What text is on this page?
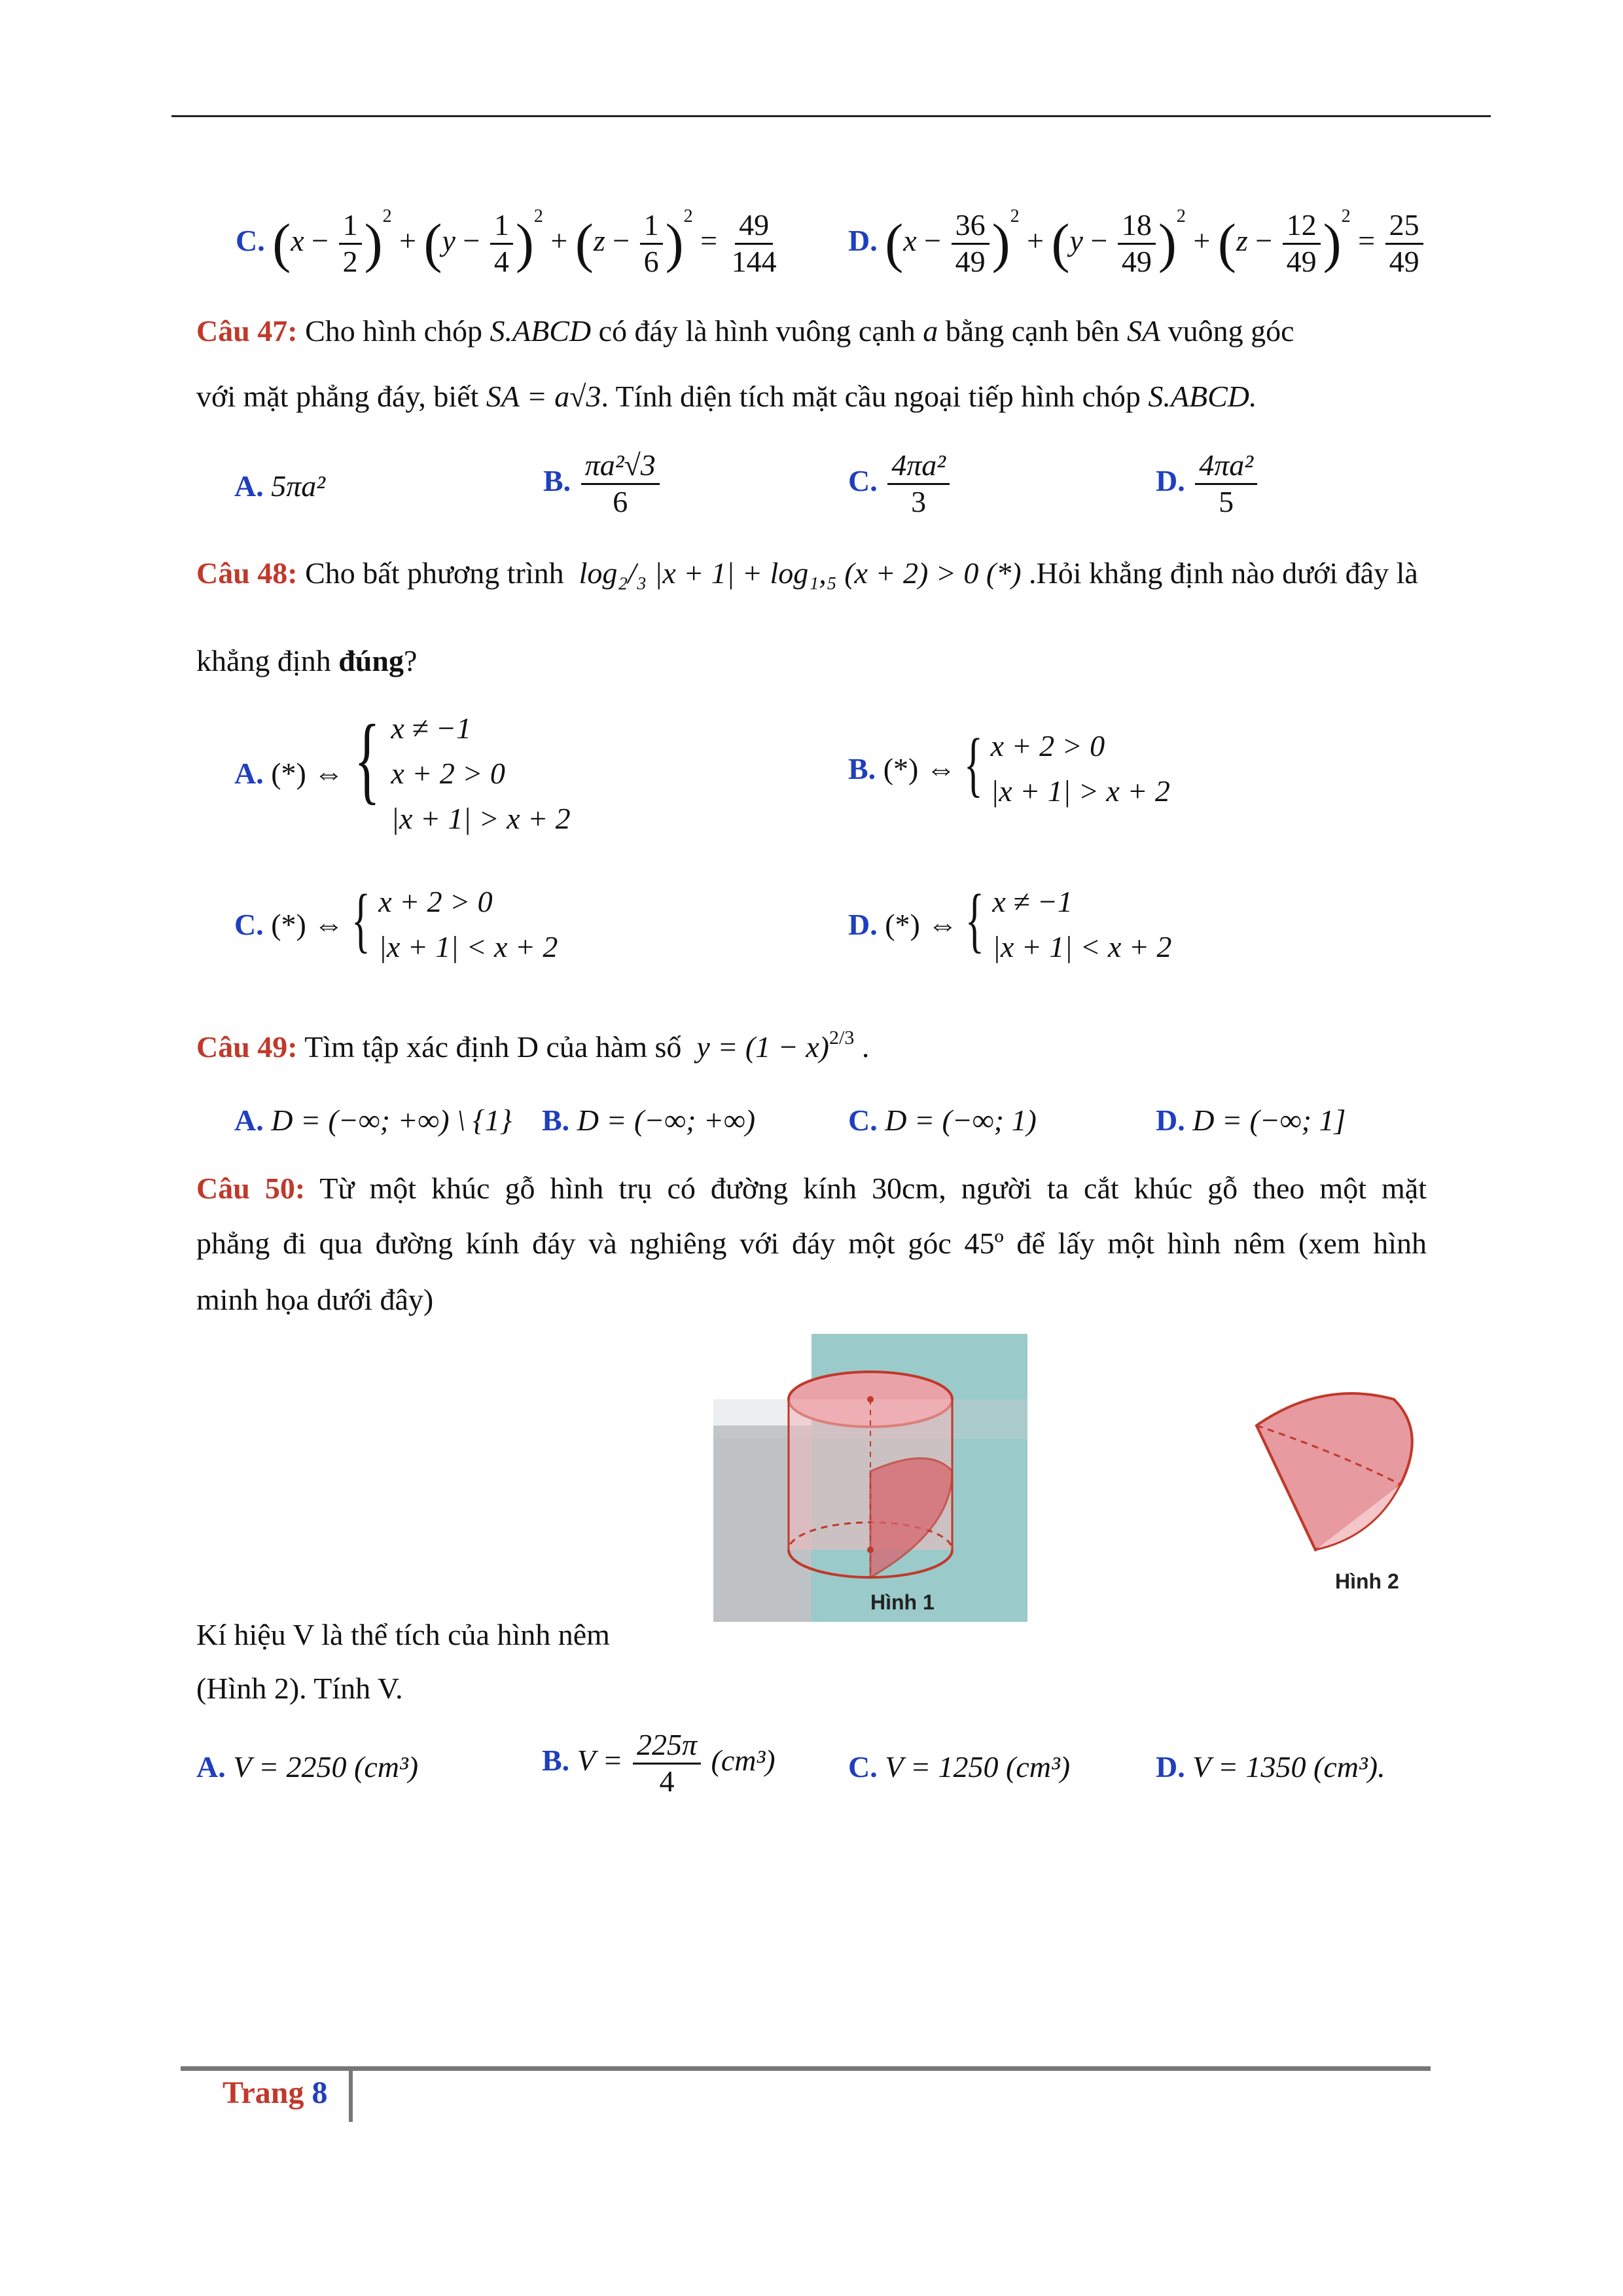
C. $(x - \frac{1}{2} )^2 + (y - \frac{1}{4} )^2 + (z - \frac{1}{6} )^2 = \frac{49}{144} D$. $(x - \frac{36}{49} )^2 + (y - \frac{18}{49} )^2 + (z - \frac{12}{49} )^2 = \frac{25}{49}$
Câu 47: Cho hình chóp S.ABCD có đáy là hình vuông cạnh a bằng cạnh bên SA vuông góc
với mặt phẳng đáy, biết SA = a√3. Tính diện tích mặt cầu ngoại tiếp hình chóp S.ABCD.
A. 5πa²	B. $\frac{\text{πa²√3}}{6}$	C. $\frac{\text{4πa²}}{3}$	D. $\frac{\text{4πa²}}{5}$
Câu 48: Cho bất phương trình log₂/₃ |x + 1| + log₁,₅ (x + 2) > 0 (*) .Hỏi khẳng định nào dưới đây là
khẳng định đúng?
A.
(*) ⇔ { x ≠ −1
x + 2 > 0
|x + 1| > x + 2
B.
(*) ⇔ { x + 2 > 0
|x + 1| > x + 2
C.
(*) ⇔ { x + 2 > 0
|x + 1| < x + 2
D.
(*) ⇔ { x ≠ −1
|x + 1| < x + 2
Câu 49: Tìm tập xác định D của hàm số $y = (1 - x)^{2/3}$ .
A. D = (−∞; +∞) \ {1} B. D = (−∞; +∞)	C. D = (−∞; 1)	D. D = (−∞; 1]
Câu 50: Từ một khúc gỗ hình trụ có đường kính 30cm, người ta cắt khúc gỗ theo một mặt
phẳng đi qua đường kính đáy và nghiêng với đáy một góc 45º để lấy một hình nêm (xem hình
minh họa dưới đây)
Hình 1
Hình 2
Kí hiệu V là thể tích của hình nêm
(Hình 2). Tính V.
A. V = 2250 (cm³)	B. $V = \frac{225\pi}{4} (cm^3)$ C. V = 1250 (cm³)	D. V = 1350 (cm³).
Trang 8
